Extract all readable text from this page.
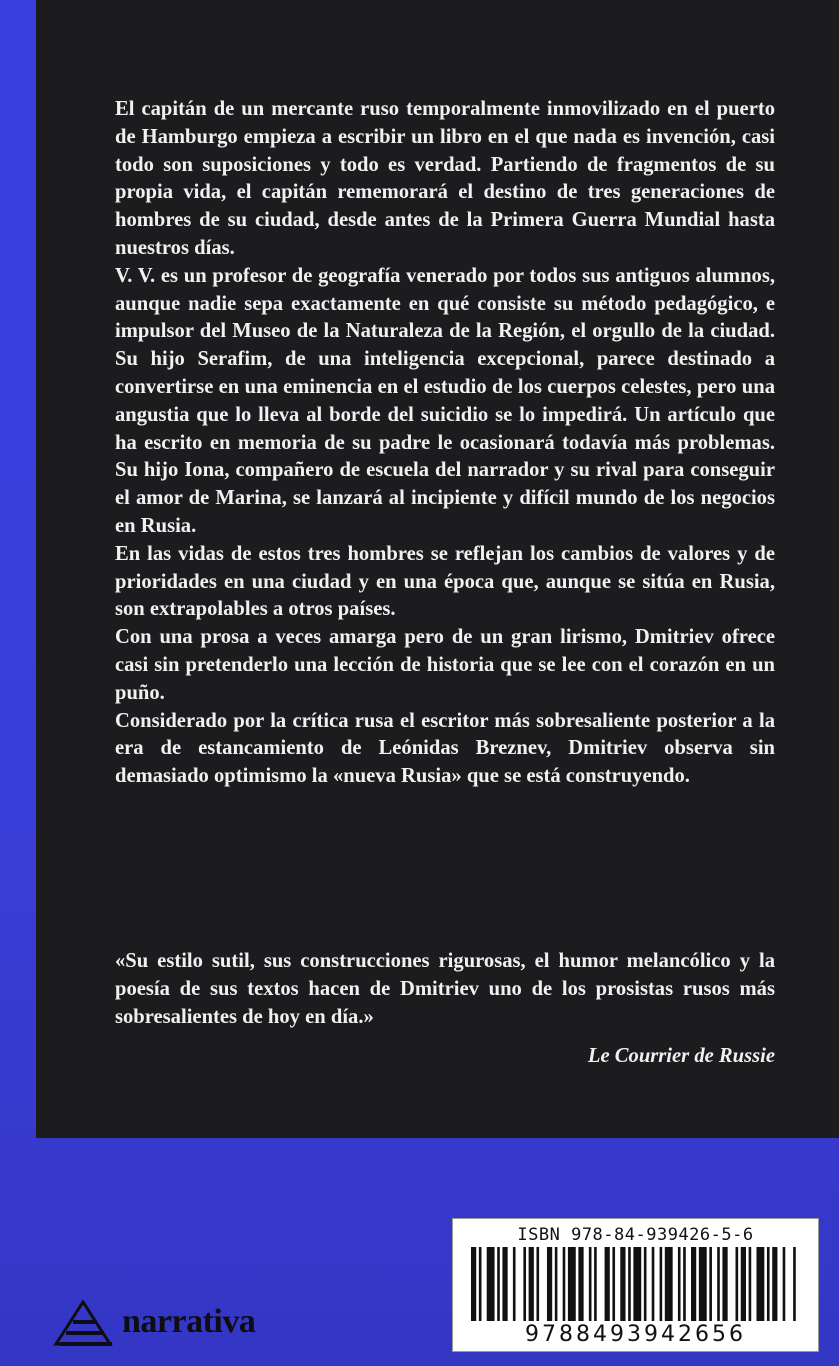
El capitán de un mercante ruso temporalmente inmovilizado en el puerto de Hamburgo empieza a escribir un libro en el que nada es invención, casi todo son suposiciones y todo es verdad. Partiendo de fragmentos de su propia vida, el capitán rememorará el destino de tres generaciones de hombres de su ciudad, desde antes de la Primera Guerra Mundial hasta nuestros días.

V. V. es un profesor de geografía venerado por todos sus antiguos alumnos, aunque nadie sepa exactamente en qué consiste su método pedagógico, e impulsor del Museo de la Naturaleza de la Región, el orgullo de la ciudad. Su hijo Serafim, de una inteligencia excepcional, parece destinado a convertirse en una eminencia en el estudio de los cuerpos celestes, pero una angustia que lo lleva al borde del suicidio se lo impedirá. Un artículo que ha escrito en memoria de su padre le ocasionará todavía más problemas. Su hijo Iona, compañero de escuela del narrador y su rival para conseguir el amor de Marina, se lanzará al incipiente y difícil mundo de los negocios en Rusia.

En las vidas de estos tres hombres se reflejan los cambios de valores y de prioridades en una ciudad y en una época que, aunque se sitúa en Rusia, son extrapolables a otros países.

Con una prosa a veces amarga pero de un gran lirismo, Dmitriev ofrece casi sin pretenderlo una lección de historia que se lee con el corazón en un puño.

Considerado por la crítica rusa el escritor más sobresaliente posterior a la era de estancamiento de Leónidas Breznev, Dmitriev observa sin demasiado optimismo la «nueva Rusia» que se está construyendo.

«Su estilo sutil, sus construcciones rigurosas, el humor melancólico y la poesía de sus textos hacen de Dmitriev uno de los prosistas rusos más sobresalientes de hoy en día.»
Le Courrier de Russie
narrativa
ISBN 978-84-939426-5-6
9788493942656
